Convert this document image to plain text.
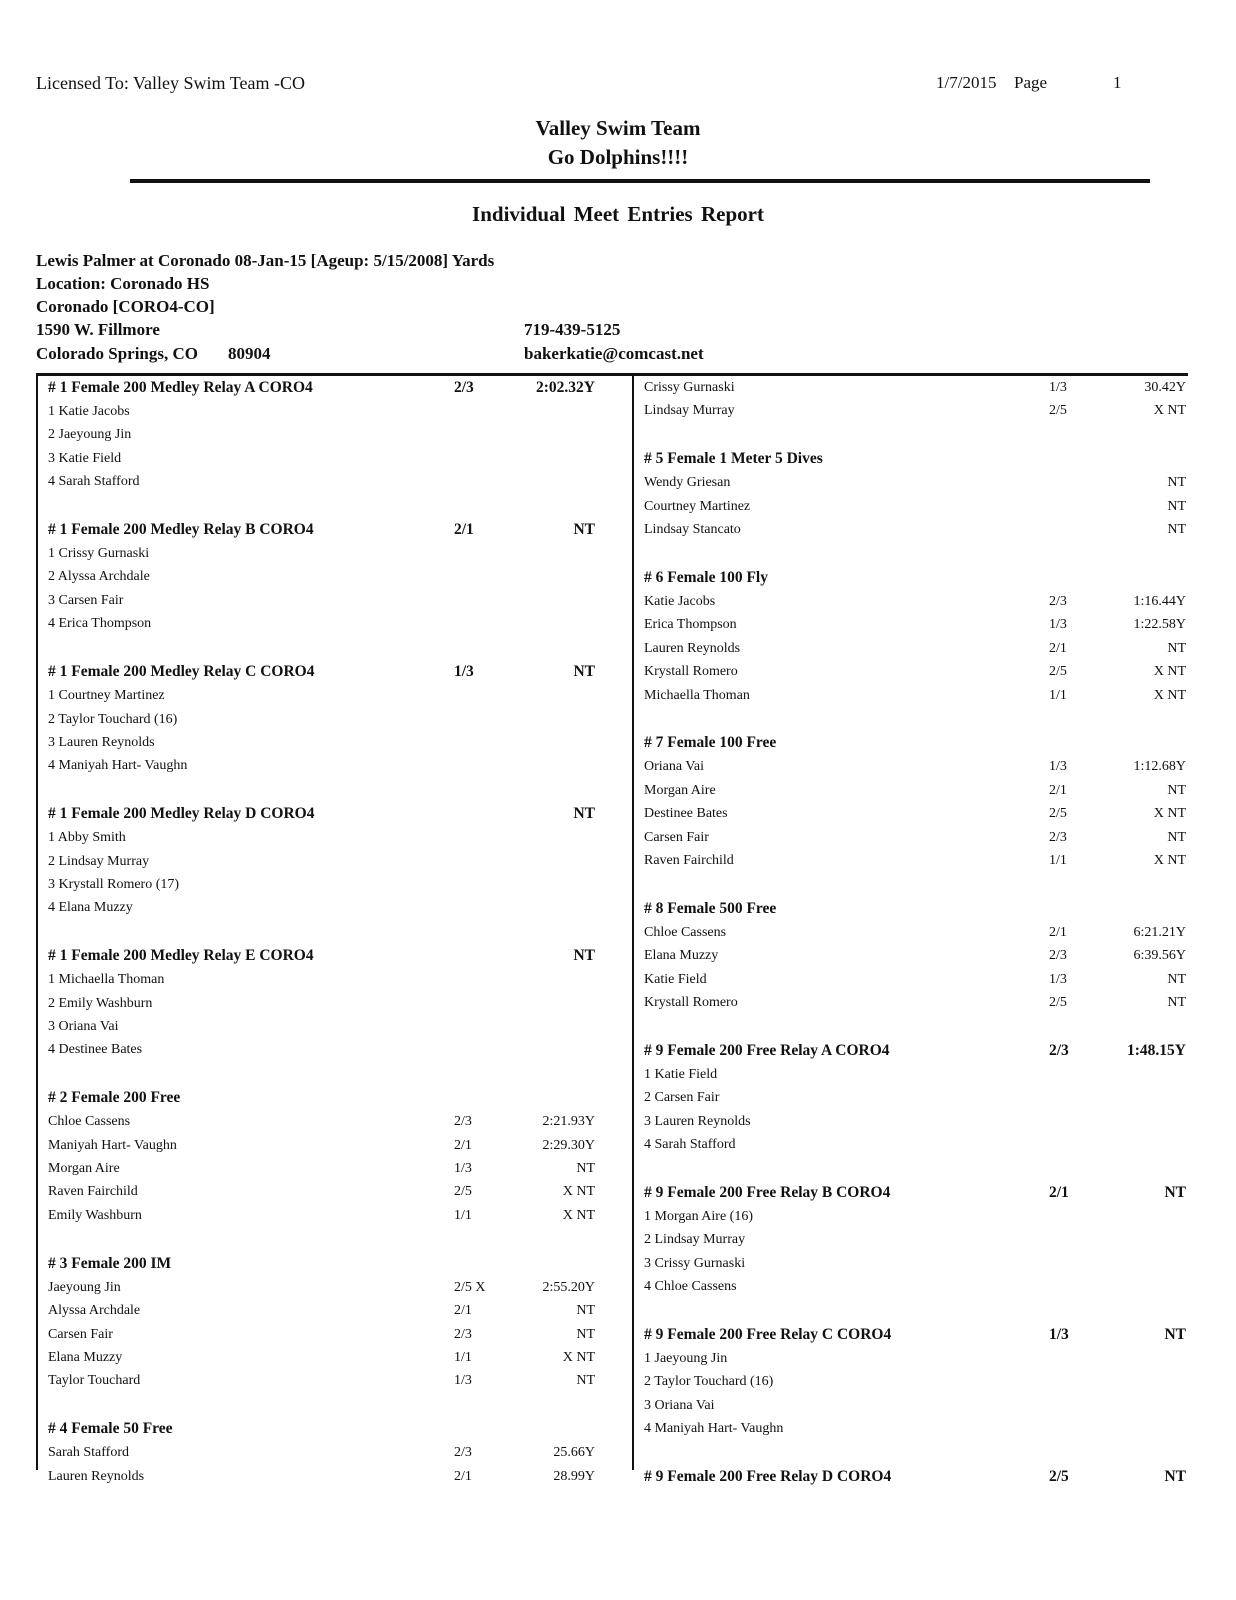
Licensed To: Valley Swim Team -CO	1/7/2015 Page	1
Valley Swim Team
Go Dolphins!!!!
Individual Meet Entries Report
Lewis Palmer at Coronado 08-Jan-15 [Ageup: 5/15/2008] Yards
Location: Coronado HS
Coronado [CORO4-CO]
1590 W. Fillmore
Colorado Springs, CO 80904
719-439-5125
bakerkatie@comcast.net
# 1 Female 200 Medley Relay A CORO4	2/3	2:02.32Y
1 Katie Jacobs
2 Jaeyoung Jin
3 Katie Field
4 Sarah Stafford
# 1 Female 200 Medley Relay B CORO4	2/1	NT
1 Crissy Gurnaski
2 Alyssa Archdale
3 Carsen Fair
4 Erica Thompson
# 1 Female 200 Medley Relay C CORO4	1/3	NT
1 Courtney Martinez
2 Taylor Touchard (16)
3 Lauren Reynolds
4 Maniyah Hart- Vaughn
# 1 Female 200 Medley Relay D CORO4	NT
1 Abby Smith
2 Lindsay Murray
3 Krystall Romero (17)
4 Elana Muzzy
# 1 Female 200 Medley Relay E CORO4	NT
1 Michaella Thoman
2 Emily Washburn
3 Oriana Vai
4 Destinee Bates
# 2 Female 200 Free
Chloe Cassens	2/3	2:21.93Y
Maniyah Hart- Vaughn	2/1	2:29.30Y
Morgan Aire	1/3	NT
Raven Fairchild	2/5	X NT
Emily Washburn	1/1	X NT
# 3 Female 200 IM
Jaeyoung Jin	2/5 X	2:55.20Y
Alyssa Archdale	2/1	NT
Carsen Fair	2/3	NT
Elana Muzzy	1/1	X NT
Taylor Touchard	1/3	NT
# 4 Female 50 Free
Sarah Stafford	2/3	25.66Y
Lauren Reynolds	2/1	28.99Y
Crissy Gurnaski	1/3	30.42Y
Lindsay Murray	2/5	X NT
# 5 Female 1 Meter 5 Dives
Wendy Griesan	NT
Courtney Martinez	NT
Lindsay Stancato	NT
# 6 Female 100 Fly
Katie Jacobs	2/3	1:16.44Y
Erica Thompson	1/3	1:22.58Y
Lauren Reynolds	2/1	NT
Krystall Romero	2/5	X NT
Michaella Thoman	1/1	X NT
# 7 Female 100 Free
Oriana Vai	1/3	1:12.68Y
Morgan Aire	2/1	NT
Destinee Bates	2/5	X NT
Carsen Fair	2/3	NT
Raven Fairchild	1/1	X NT
# 8 Female 500 Free
Chloe Cassens	2/1	6:21.21Y
Elana Muzzy	2/3	6:39.56Y
Katie Field	1/3	NT
Krystall Romero	2/5	NT
# 9 Female 200 Free Relay A CORO4	2/3	1:48.15Y
1 Katie Field
2 Carsen Fair
3 Lauren Reynolds
4 Sarah Stafford
# 9 Female 200 Free Relay B CORO4	2/1	NT
1 Morgan Aire (16)
2 Lindsay Murray
3 Crissy Gurnaski
4 Chloe Cassens
# 9 Female 200 Free Relay C CORO4	1/3	NT
1 Jaeyoung Jin
2 Taylor Touchard (16)
3 Oriana Vai
4 Maniyah Hart- Vaughn
# 9 Female 200 Free Relay D CORO4	2/5	NT
